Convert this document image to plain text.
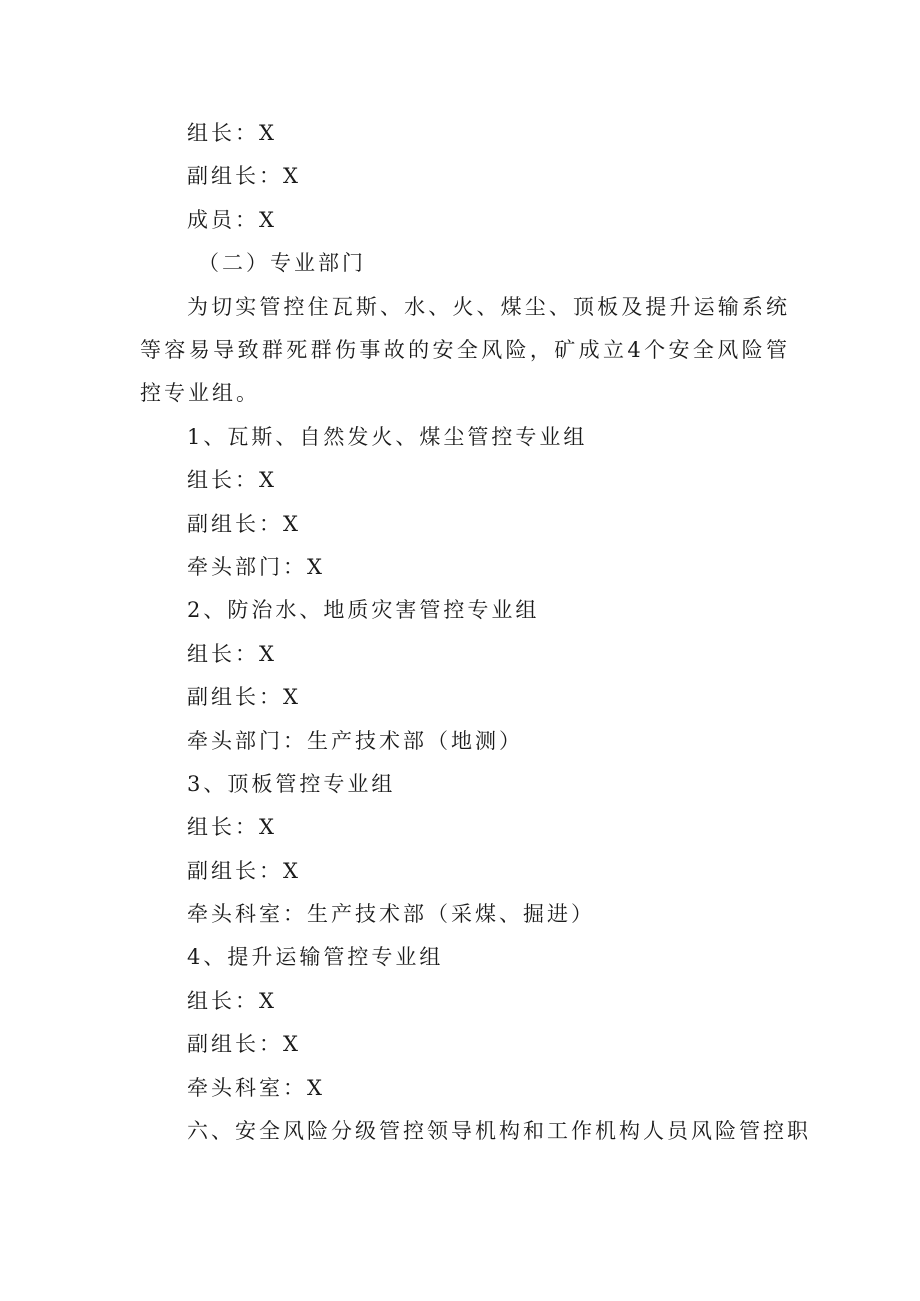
组长：X
副组长：X
成员：X
（二）专业部门
为切实管控住瓦斯、水、火、煤尘、顶板及提升运输系统等容易导致群死群伤事故的安全风险，矿成立4个安全风险管控专业组。
1、瓦斯、自然发火、煤尘管控专业组
组长：X
副组长：X
牵头部门：X
2、防治水、地质灾害管控专业组
组长：X
副组长：X
牵头部门：生产技术部（地测）
3、顶板管控专业组
组长：X
副组长：X
牵头科室：生产技术部（采煤、掘进）
4、提升运输管控专业组
组长：X
副组长：X
牵头科室：X
六、安全风险分级管控领导机构和工作机构人员风险管控职
